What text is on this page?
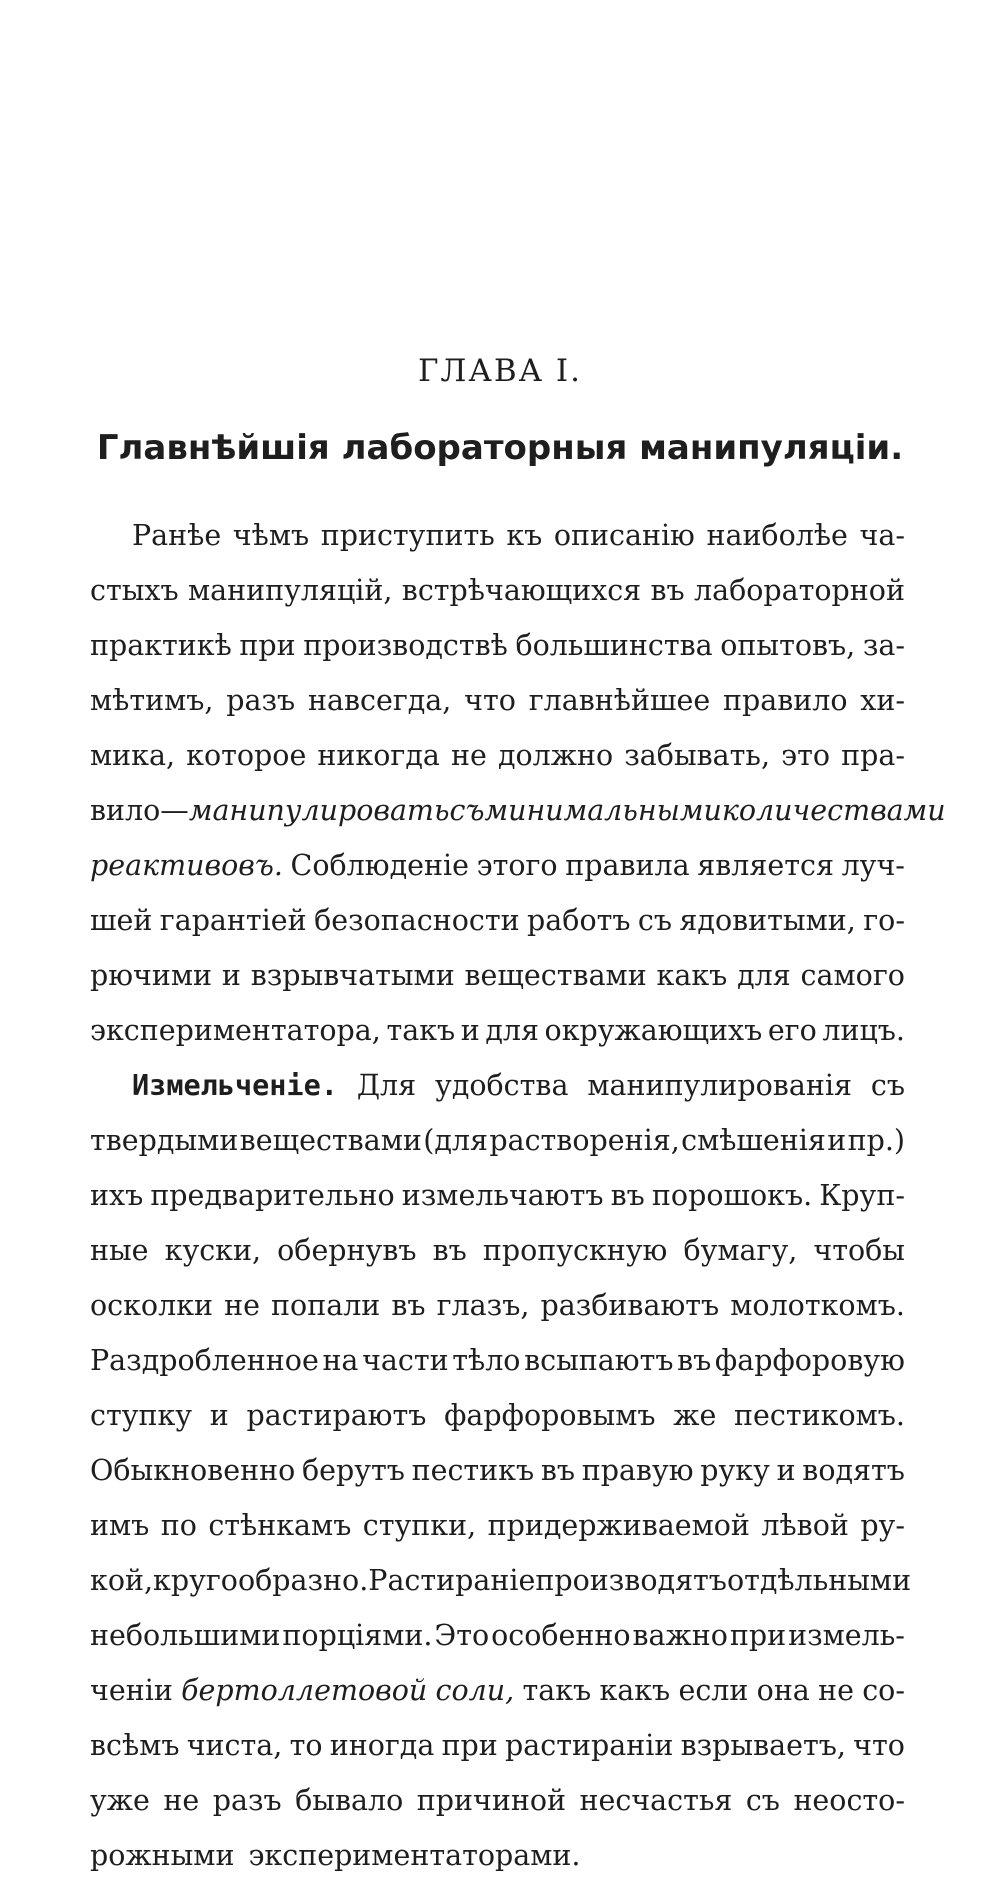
ГЛАВА I.
Главнѣйшія лабораторныя манипуляціи.
Ранѣе чѣмъ приступить къ описанію наиболѣе ча-
стыхъ манипуляцій, встрѣчающихся въ лабораторной
практикѣ при производствѣ большинства опытовъ, за-
мѣтимъ, разъ навсегда, что главнѣйшее правило хи-
мика, которое никогда не должно забывать, это пра-
вило— манипулировать съ минимальными количествами
реактивовъ. Соблюденіе этого правила является луч-
шей гарантіей безопасности работъ съ ядовитыми, го-
рючими и взрывчатыми веществами какъ для самого
экспериментатора, такъ и для окружающихъ его лицъ.
Измельченіе. Для удобства манипулированія съ
твердыми веществами (для растворенія, смѣшенія и пр.)
ихъ предварительно измельчаютъ въ порошокъ. Круп-
ные куски, обернувъ въ пропускную бумагу, чтобы
осколки не попали въ глазъ, разбиваютъ молоткомъ.
Раздробленное на части тѣло всыпаютъ въ фарфоровую
ступку и растираютъ фарфоровымъ же пестикомъ.
Обыкновенно берутъ пестикъ въ правую руку и водятъ
имъ по стѣнкамъ ступки, придерживаемой лѣвой ру-
кой, кругообразно. Растираніе производятъ отдѣльными
небольшими порціями. Это особенно важно при измель-
ченіи бертоллетовой соли, такъ какъ если она не со-
всѣмъ чиста, то иногда при растираніи взрываетъ, что
уже не разъ бывало причиной несчастья съ неосто-
рожными экспериментаторами.
